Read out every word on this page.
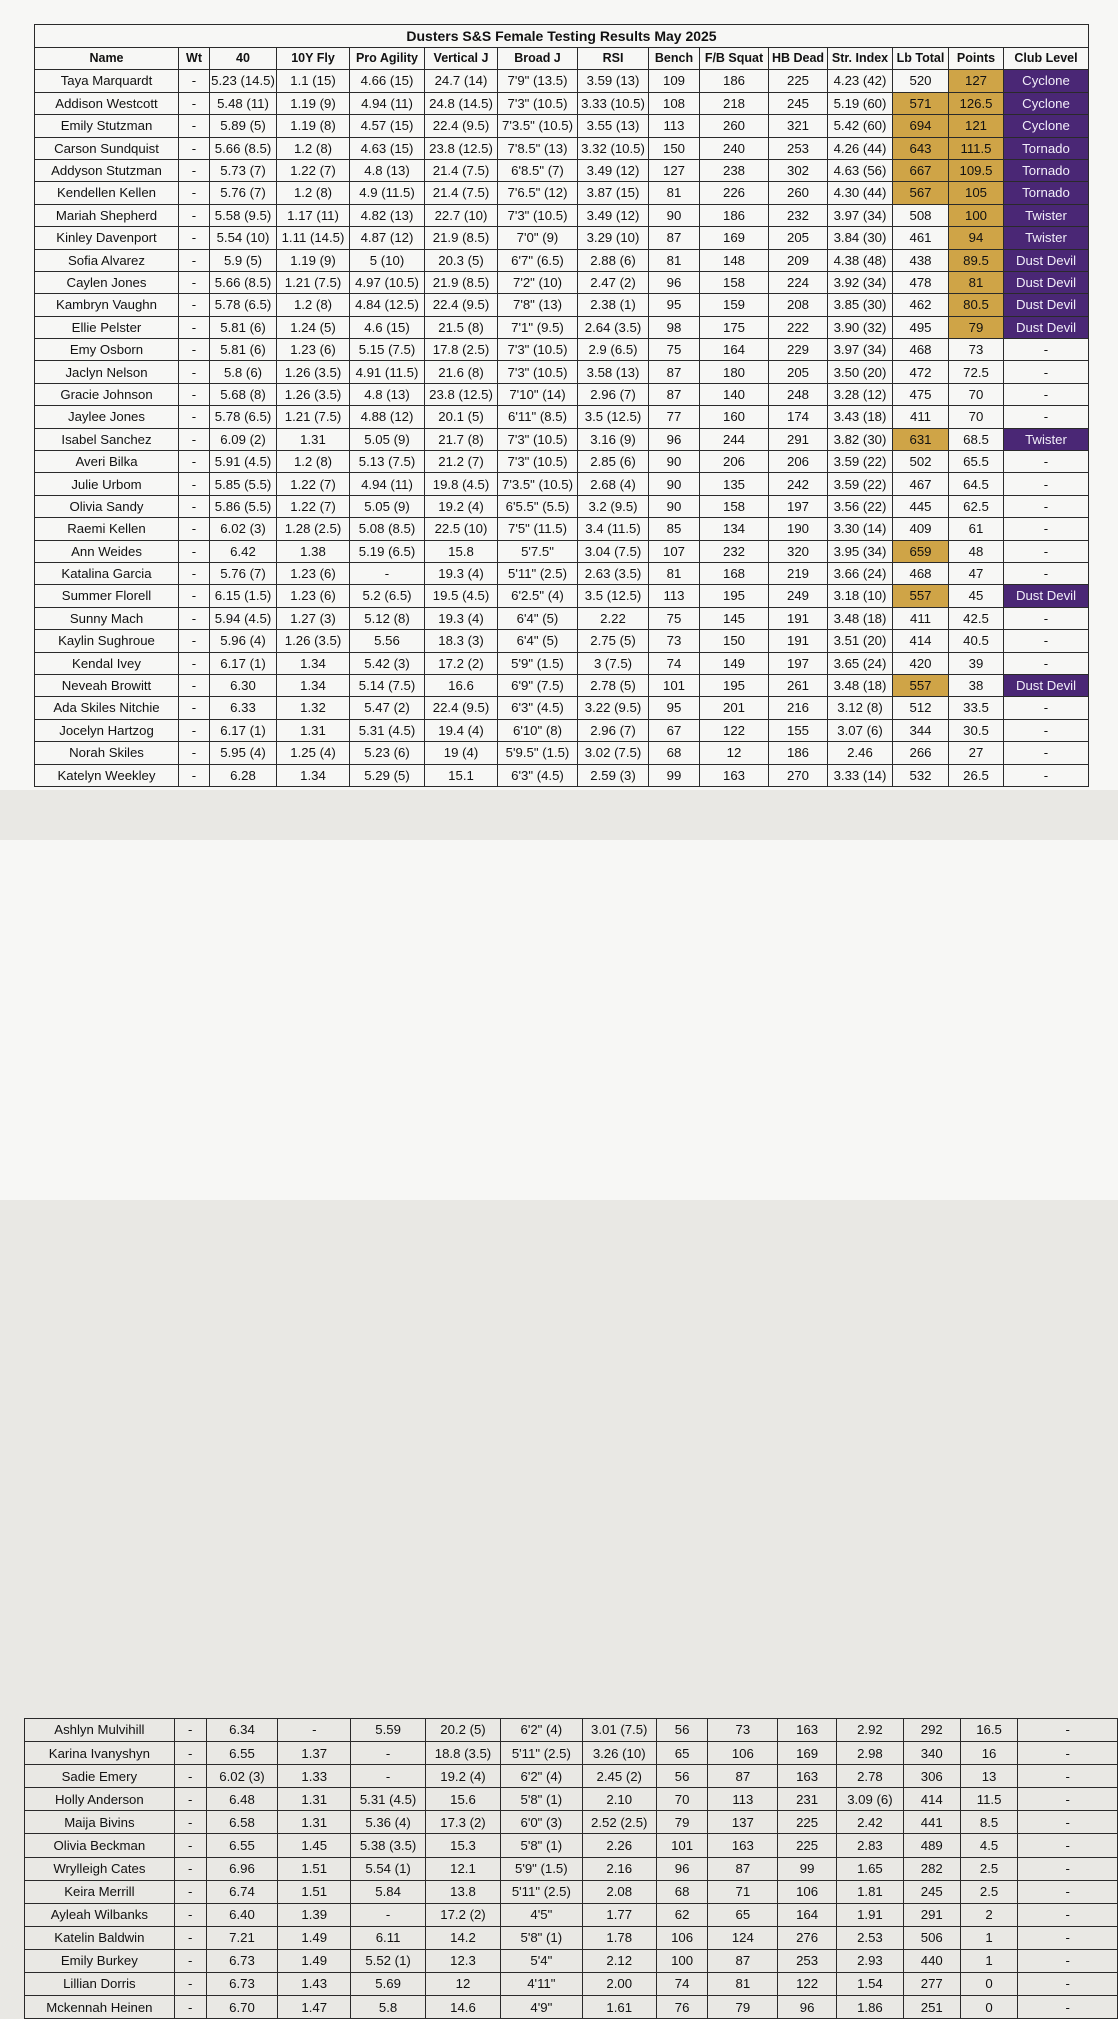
Dusters S&S Female Testing Results May 2025														
Name	Wt	40	10Y Fly	Pro Agility	Vertical J	Broad J	RSI	Bench	F/B Squat	HB Dead	Str. Index	Lb Total	Points	Club Level
Taya Marquardt	-	5.23 (14.5)	1.1 (15)	4.66 (15)	24.7 (14)	7'9" (13.5)	3.59 (13)	109	186	225	4.23 (42)	520	127	Cyclone
Addison Westcott	-	5.48 (11)	1.19 (9)	4.94 (11)	24.8 (14.5)	7'3" (10.5)	3.33 (10.5)	108	218	245	5.19 (60)	571	126.5	Cyclone
Emily Stutzman	-	5.89 (5)	1.19 (8)	4.57 (15)	22.4 (9.5)	7'3.5" (10.5)	3.55 (13)	113	260	321	5.42 (60)	694	121	Cyclone
Carson Sundquist	-	5.66 (8.5)	1.2 (8)	4.63 (15)	23.8 (12.5)	7'8.5" (13)	3.32 (10.5)	150	240	253	4.26 (44)	643	111.5	Tornado
Addyson Stutzman	-	5.73 (7)	1.22 (7)	4.8 (13)	21.4 (7.5)	6'8.5" (7)	3.49 (12)	127	238	302	4.63 (56)	667	109.5	Tornado
Kendellen Kellen	-	5.76 (7)	1.2 (8)	4.9 (11.5)	21.4 (7.5)	7'6.5" (12)	3.87 (15)	81	226	260	4.30 (44)	567	105	Tornado
Mariah Shepherd	-	5.58 (9.5)	1.17 (11)	4.82 (13)	22.7 (10)	7'3" (10.5)	3.49 (12)	90	186	232	3.97 (34)	508	100	Twister
Kinley Davenport	-	5.54 (10)	1.11 (14.5)	4.87 (12)	21.9 (8.5)	7'0" (9)	3.29 (10)	87	169	205	3.84 (30)	461	94	Twister
Sofia Alvarez	-	5.9 (5)	1.19 (9)	5 (10)	20.3 (5)	6'7" (6.5)	2.88 (6)	81	148	209	4.38 (48)	438	89.5	Dust Devil
Caylen Jones	-	5.66 (8.5)	1.21 (7.5)	4.97 (10.5)	21.9 (8.5)	7'2" (10)	2.47 (2)	96	158	224	3.92 (34)	478	81	Dust Devil
Kambryn Vaughn	-	5.78 (6.5)	1.2 (8)	4.84 (12.5)	22.4 (9.5)	7'8" (13)	2.38 (1)	95	159	208	3.85 (30)	462	80.5	Dust Devil
Ellie Pelster	-	5.81 (6)	1.24 (5)	4.6 (15)	21.5 (8)	7'1" (9.5)	2.64 (3.5)	98	175	222	3.90 (32)	495	79	Dust Devil
Emy Osborn	-	5.81 (6)	1.23 (6)	5.15 (7.5)	17.8 (2.5)	7'3" (10.5)	2.9 (6.5)	75	164	229	3.97 (34)	468	73	-
Jaclyn Nelson	-	5.8 (6)	1.26 (3.5)	4.91 (11.5)	21.6 (8)	7'3" (10.5)	3.58 (13)	87	180	205	3.50 (20)	472	72.5	-
Gracie Johnson	-	5.68 (8)	1.26 (3.5)	4.8 (13)	23.8 (12.5)	7'10" (14)	2.96 (7)	87	140	248	3.28 (12)	475	70	-
Jaylee Jones	-	5.78 (6.5)	1.21 (7.5)	4.88 (12)	20.1 (5)	6'11" (8.5)	3.5 (12.5)	77	160	174	3.43 (18)	411	70	-
Isabel Sanchez	-	6.09 (2)	1.31	5.05 (9)	21.7 (8)	7'3" (10.5)	3.16 (9)	96	244	291	3.82 (30)	631	68.5	Twister
Averi Bilka	-	5.91 (4.5)	1.2 (8)	5.13 (7.5)	21.2 (7)	7'3" (10.5)	2.85 (6)	90	206	206	3.59 (22)	502	65.5	-
Julie Urbom	-	5.85 (5.5)	1.22 (7)	4.94 (11)	19.8 (4.5)	7'3.5" (10.5)	2.68 (4)	90	135	242	3.59 (22)	467	64.5	-
Olivia Sandy	-	5.86 (5.5)	1.22 (7)	5.05 (9)	19.2 (4)	6'5.5" (5.5)	3.2 (9.5)	90	158	197	3.56 (22)	445	62.5	-
Raemi Kellen	-	6.02 (3)	1.28 (2.5)	5.08 (8.5)	22.5 (10)	7'5" (11.5)	3.4 (11.5)	85	134	190	3.30 (14)	409	61	-
Ann Weides	-	6.42	1.38	5.19 (6.5)	15.8	5'7.5"	3.04 (7.5)	107	232	320	3.95 (34)	659	48	-
Katalina Garcia	-	5.76 (7)	1.23 (6)	-	19.3 (4)	5'11" (2.5)	2.63 (3.5)	81	168	219	3.66 (24)	468	47	-
Summer Florell	-	6.15 (1.5)	1.23 (6)	5.2 (6.5)	19.5 (4.5)	6'2.5" (4)	3.5 (12.5)	113	195	249	3.18 (10)	557	45	Dust Devil
Sunny Mach	-	5.94 (4.5)	1.27 (3)	5.12 (8)	19.3 (4)	6'4" (5)	2.22	75	145	191	3.48 (18)	411	42.5	-
Kaylin Sughroue	-	5.96 (4)	1.26 (3.5)	5.56	18.3 (3)	6'4" (5)	2.75 (5)	73	150	191	3.51 (20)	414	40.5	-
Kendal Ivey	-	6.17 (1)	1.34	5.42 (3)	17.2 (2)	5'9" (1.5)	3 (7.5)	74	149	197	3.65 (24)	420	39	-
Neveah Browitt	-	6.30	1.34	5.14 (7.5)	16.6	6'9" (7.5)	2.78 (5)	101	195	261	3.48 (18)	557	38	Dust Devil
Ada Skiles Nitchie	-	6.33	1.32	5.47 (2)	22.4 (9.5)	6'3" (4.5)	3.22 (9.5)	95	201	216	3.12 (8)	512	33.5	-
Jocelyn Hartzog	-	6.17 (1)	1.31	5.31 (4.5)	19.4 (4)	6'10" (8)	2.96 (7)	67	122	155	3.07 (6)	344	30.5	-
Norah Skiles	-	5.95 (4)	1.25 (4)	5.23 (6)	19 (4)	5'9.5" (1.5)	3.02 (7.5)	68	12	186	2.46	266	27	-
Katelyn Weekley	-	6.28	1.34	5.29 (5)	15.1	6'3" (4.5)	2.59 (3)	99	163	270	3.33 (14)	532	26.5	-
Ashlyn Mulvihill	-	6.34	-	5.59	20.2 (5)	6'2" (4)	3.01 (7.5)	56	73	163	2.92	292	16.5	-
Karina Ivanyshyn	-	6.55	1.37	-	18.8 (3.5)	5'11" (2.5)	3.26 (10)	65	106	169	2.98	340	16	-
Sadie Emery	-	6.02 (3)	1.33	-	19.2 (4)	6'2" (4)	2.45 (2)	56	87	163	2.78	306	13	-
Holly Anderson	-	6.48	1.31	5.31 (4.5)	15.6	5'8" (1)	2.10	70	113	231	3.09 (6)	414	11.5	-
Maija Bivins	-	6.58	1.31	5.36 (4)	17.3 (2)	6'0" (3)	2.52 (2.5)	79	137	225	2.42	441	8.5	-
Olivia Beckman	-	6.55	1.45	5.38 (3.5)	15.3	5'8" (1)	2.26	101	163	225	2.83	489	4.5	-
Wrylleigh Cates	-	6.96	1.51	5.54 (1)	12.1	5'9" (1.5)	2.16	96	87	99	1.65	282	2.5	-
Keira Merrill	-	6.74	1.51	5.84	13.8	5'11" (2.5)	2.08	68	71	106	1.81	245	2.5	-
Ayleah Wilbanks	-	6.40	1.39	-	17.2 (2)	4'5"	1.77	62	65	164	1.91	291	2	-
Katelin Baldwin	-	7.21	1.49	6.11	14.2	5'8" (1)	1.78	106	124	276	2.53	506	1	-
Emily Burkey	-	6.73	1.49	5.52 (1)	12.3	5'4"	2.12	100	87	253	2.93	440	1	-
Lillian Dorris	-	6.73	1.43	5.69	12	4'11"	2.00	74	81	122	1.54	277	0	-
Mckennah Heinen	-	6.70	1.47	5.8	14.6	4'9"	1.61	76	79	96	1.86	251	0	-
